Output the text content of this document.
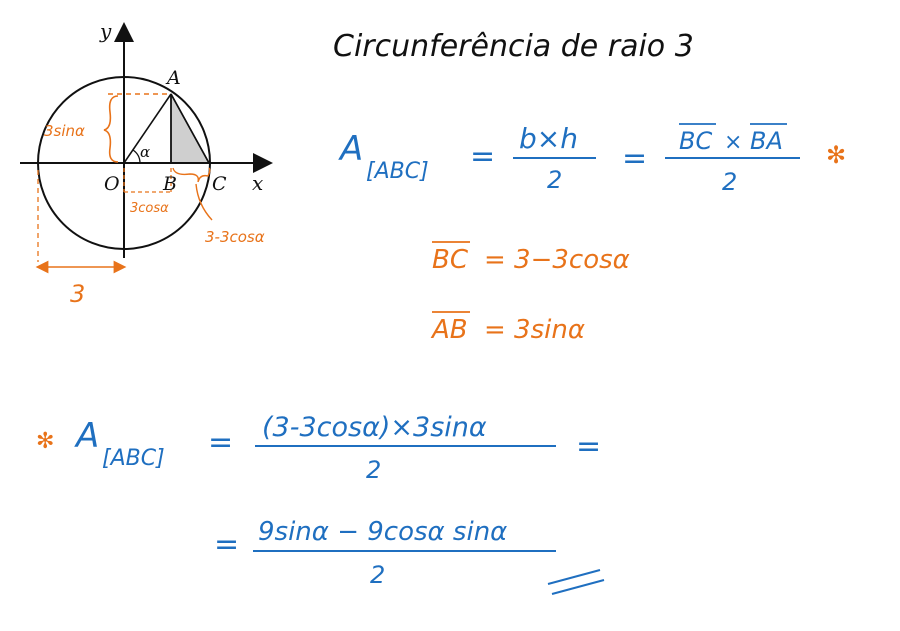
Circunferência de raio 3
y
x
A
B C
O
α
3sinα
3cosα
3-3cosα
3
A
[ABC] =
b×h
2
= BC × BA
2
✻
BC = 3−3cosα
AB = 3sinα
✻ A
[ABC] = (3-3cosα)×3sinα
2
=
= 9sinα − 9cosα sinα
2
